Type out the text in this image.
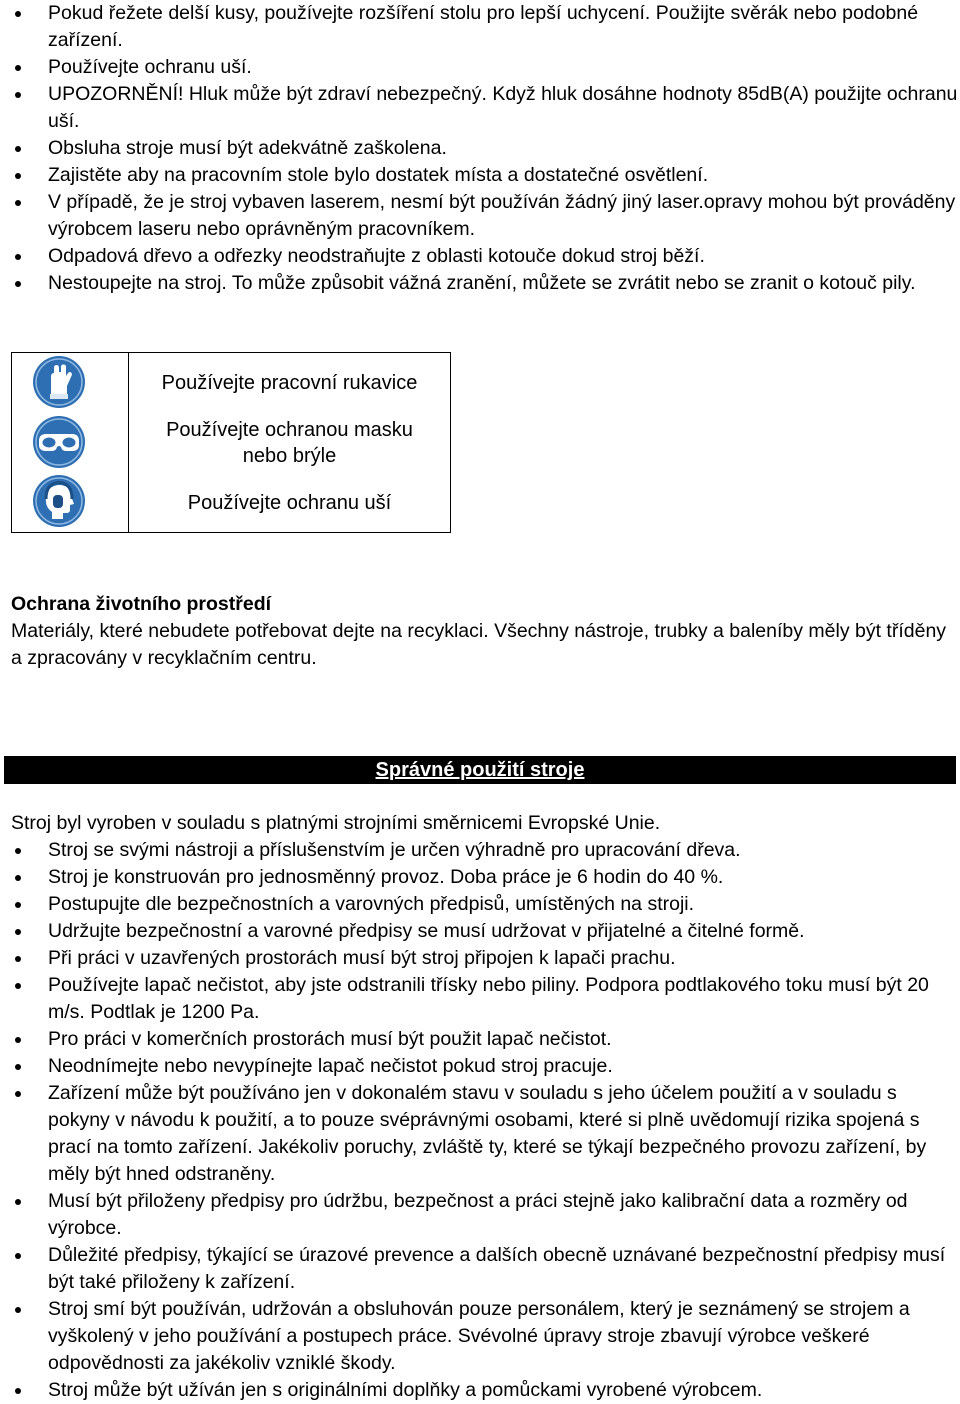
Pokud řežete delší kusy, používejte rozšíření stolu pro lepší uchycení. Použijte svěrák nebo podobné zařízení.
Používejte ochranu uší.
UPOZORNĚNÍ! Hluk může být zdraví nebezpečný. Když hluk dosáhne hodnoty 85dB(A) použijte ochranu uší.
Obsluha stroje musí být adekvátně zaškolena.
Zajistěte aby na pracovním stole bylo dostatek místa a dostatečné osvětlení.
V případě, že je stroj vybaven laserem, nesmí být používán žádný jiný laser.opravy mohou být prováděny výrobcem laseru nebo oprávněným pracovníkem.
Odpadová dřevo a odřezky neodstraňujte z oblasti kotouče dokud stroj běží.
Nestoupejte na stroj. To může způsobit vážná zranění, můžete se zvrátit nebo se zranit o kotouč pily.
Používejte pracovní rukavice
Používejte ochranou masku
nebo brýle
Používejte ochranu uší
Ochrana životního prostředí
Materiály, které nebudete potřebovat dejte na recyklaci. Všechny nástroje, trubky a baleníby měly být tříděny a zpracovány v recyklačním centru.
Správné použití stroje
Stroj byl vyroben v souladu s platnými strojními směrnicemi Evropské Unie.
Stroj se svými nástroji a příslušenstvím je určen výhradně pro upracování dřeva.
Stroj je konstruován pro jednosměnný provoz. Doba práce je 6 hodin do 40 %.
Postupujte dle bezpečnostních a varovných předpisů, umístěných na stroji.
Udržujte bezpečnostní a varovné předpisy se musí udržovat v přijatelné a čitelné formě.
Při práci v uzavřených prostorách musí být stroj připojen k lapači prachu.
Používejte lapač nečistot, aby jste odstranili třísky nebo piliny. Podpora podtlakového toku musí být 20 m/s. Podtlak je 1200 Pa.
Pro práci v komerčních prostorách musí být použit lapač nečistot.
Neodnímejte nebo nevypínejte lapač nečistot pokud stroj pracuje.
Zařízení může být používáno jen v dokonalém stavu v souladu s jeho účelem použití a v souladu s pokyny v návodu k použití, a to pouze svéprávnými osobami, které si plně uvědomují rizika spojená s prací na tomto zařízení. Jakékoliv poruchy, zvláště ty, které se týkají bezpečného provozu zařízení, by měly být hned odstraněny.
Musí být přiloženy předpisy pro údržbu, bezpečnost a práci stejně jako kalibrační data a rozměry od výrobce.
Důležité předpisy, týkající se úrazové prevence a dalších obecně uznávané bezpečnostní předpisy musí být také přiloženy k zařízení.
Stroj smí být používán, udržován a obsluhován pouze personálem, který je seznámený se strojem a vyškolený v jeho používání a postupech práce. Svévolné úpravy stroje zbavují výrobce veškeré odpovědnosti za jakékoliv vzniklé škody.
Stroj může být užíván jen s originálními doplňky a pomůckami vyrobené výrobcem.
